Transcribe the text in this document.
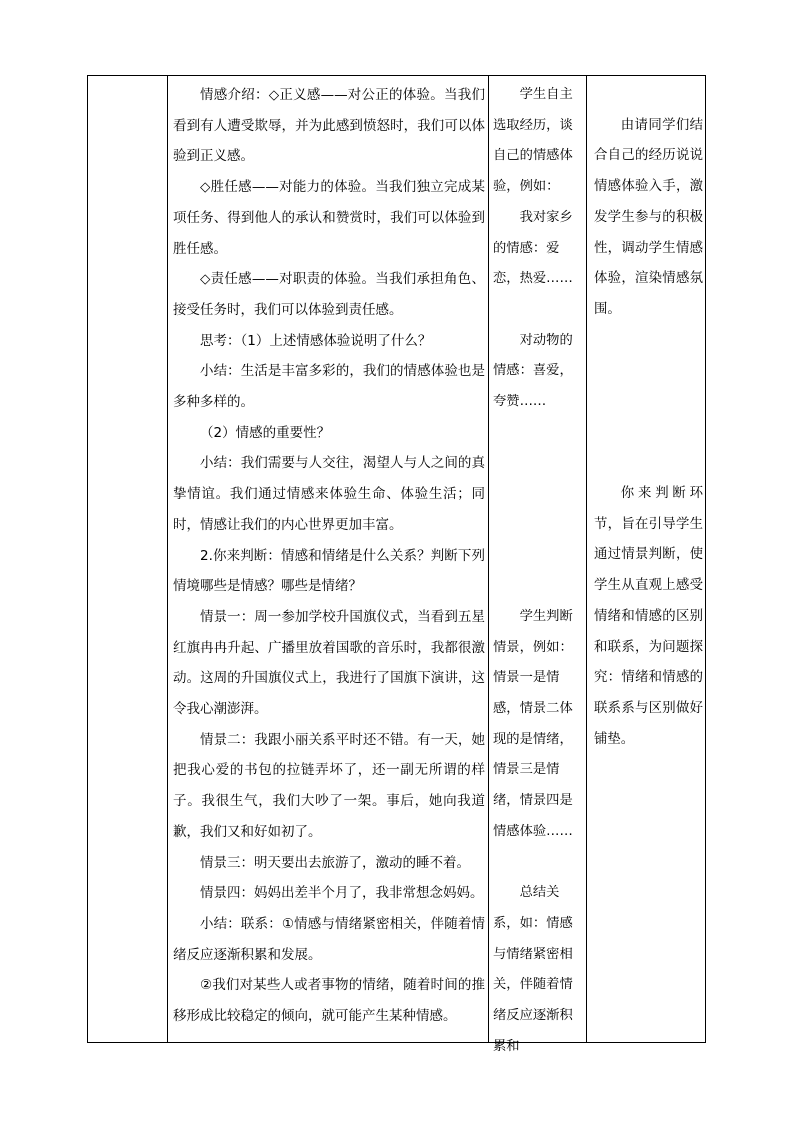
情感介绍：◇正义感——对公正的体验。当我们看到有人遭受欺辱，并为此感到愤怒时，我们可以体验到正义感。

◇胜任感——对能力的体验。当我们独立完成某项任务、得到他人的承认和赞赏时，我们可以体验到胜任感。

◇责任感——对职责的体验。当我们承担角色、接受任务时，我们可以体验到责任感。

思考：（1）上述情感体验说明了什么？

小结：生活是丰富多彩的，我们的情感体验也是多种多样的。

（2）情感的重要性？

小结：我们需要与人交往，渴望人与人之间的真挚情谊。我们通过情感来体验生命、体验生活；同时，情感让我们的内心世界更加丰富。

2.你来判断：情感和情绪是什么关系？判断下列情境哪些是情感？哪些是情绪？

情景一：周一参加学校升国旗仪式，当看到五星红旗冉冉升起、广播里放着国歌的音乐时，我都很激动。这周的升国旗仪式上，我进行了国旗下演讲，这令我心潮澎湃。

情景二：我跟小丽关系平时还不错。有一天，她把我心爱的书包的拉链弄坏了，还一副无所谓的样子。我很生气，我们大吵了一架。事后，她向我道歉，我们又和好如初了。

情景三：明天要出去旅游了，激动的睡不着。

情景四：妈妈出差半个月了，我非常想念妈妈。

小结：联系：①情感与情绪紧密相关，伴随着情绪反应逐渐积累和发展。

②我们对某些人或者事物的情绪，随着时间的推移形成比较稳定的倾向，就可能产生某种情感。

学生自主选取经历，谈自己的情感体验，例如：

我对家乡的情感：爱恋，热爱……

对动物的情感：喜爱，夸赞……

学生判断情景，例如：情景一是情感，情景二体现的是情绪，情景三是情绪，情景四是情感体验……

总结关系，如：情感与情绪紧密相关，伴随着情绪反应逐渐积累和

由请同学们结合自己的经历说说情感体验入手，激发学生参与的积极性，调动学生情感体验，渲染情感氛围。

你来判断环节，旨在引导学生通过情景判断，使学生从直观上感受情绪和情感的区别和联系，为问题探究：情绪和情感的联系系与区别做好铺垫。
